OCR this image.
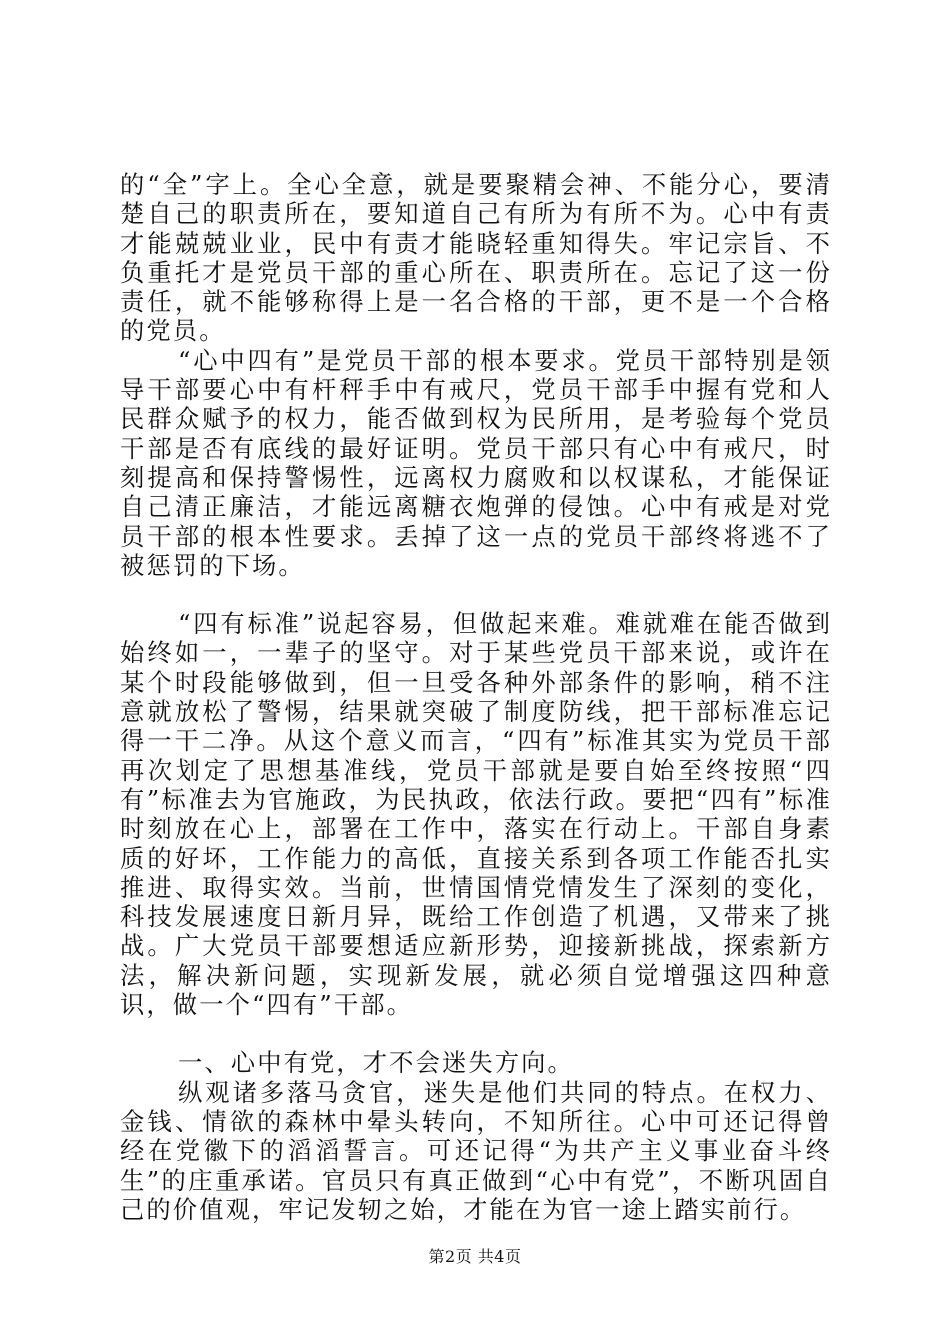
的“全”字上。全心全意，就是要聚精会神、不能分心，要清楚自己的职责所在，要知道自己有所为有所不为。心中有责才能兢兢业业，民中有责才能晓轻重知得失。牢记宗旨、不负重托才是党员干部的重心所在、职责所在。忘记了这一份责任，就不能够称得上是一名合格的干部，更不是一个合格的党员。

“心中四有”是党员干部的根本要求。党员干部特别是领导干部要心中有杆秤手中有戒尺，党员干部手中握有党和人民群众赋予的权力，能否做到权为民所用，是考验每个党员干部是否有底线的最好证明。党员干部只有心中有戒尺，时刻提高和保持警惕性，远离权力腐败和以权谋私，才能保证自己清正廉洁，才能远离糖衣炮弹的侵蚀。心中有戒是对党员干部的根本性要求。丢掉了这一点的党员干部终将逃不了被惩罚的下场。

“四有标准”说起容易，但做起来难。难就难在能否做到始终如一，一辈子的坚守。对于某些党员干部来说，或许在某个时段能够做到，但一旦受各种外部条件的影响，稍不注意就放松了警惕，结果就突破了制度防线，把干部标准忘记得一干二净。从这个意义而言，“四有”标准其实为党员干部再次划定了思想基准线，党员干部就是要自始至终按照“四有”标准去为官施政，为民执政，依法行政。要把“四有”标准时刻放在心上，部署在工作中，落实在行动上。干部自身素质的好坏，工作能力的高低，直接关系到各项工作能否扎实推进、取得实效。当前，世情国情党情发生了深刻的变化，科技发展速度日新月异，既给工作创造了机遇，又带来了挑战。广大党员干部要想适应新形势，迎接新挑战，探索新方法，解决新问题，实现新发展，就必须自觉增强这四种意识，做一个“四有”干部。

一、心中有党，才不会迷失方向。

纵观诸多落马贪官，迷失是他们共同的特点。在权力、金钱、情欲的森林中晕头转向，不知所往。心中可还记得曾经在党徽下的滔滔誓言。可还记得“为共产主义事业奋斗终生”的庄重承诺。官员只有真正做到“心中有党”，不断巩固自己的价值观，牢记发轫之始，才能在为官一途上踏实前行。

第2页 共4页
